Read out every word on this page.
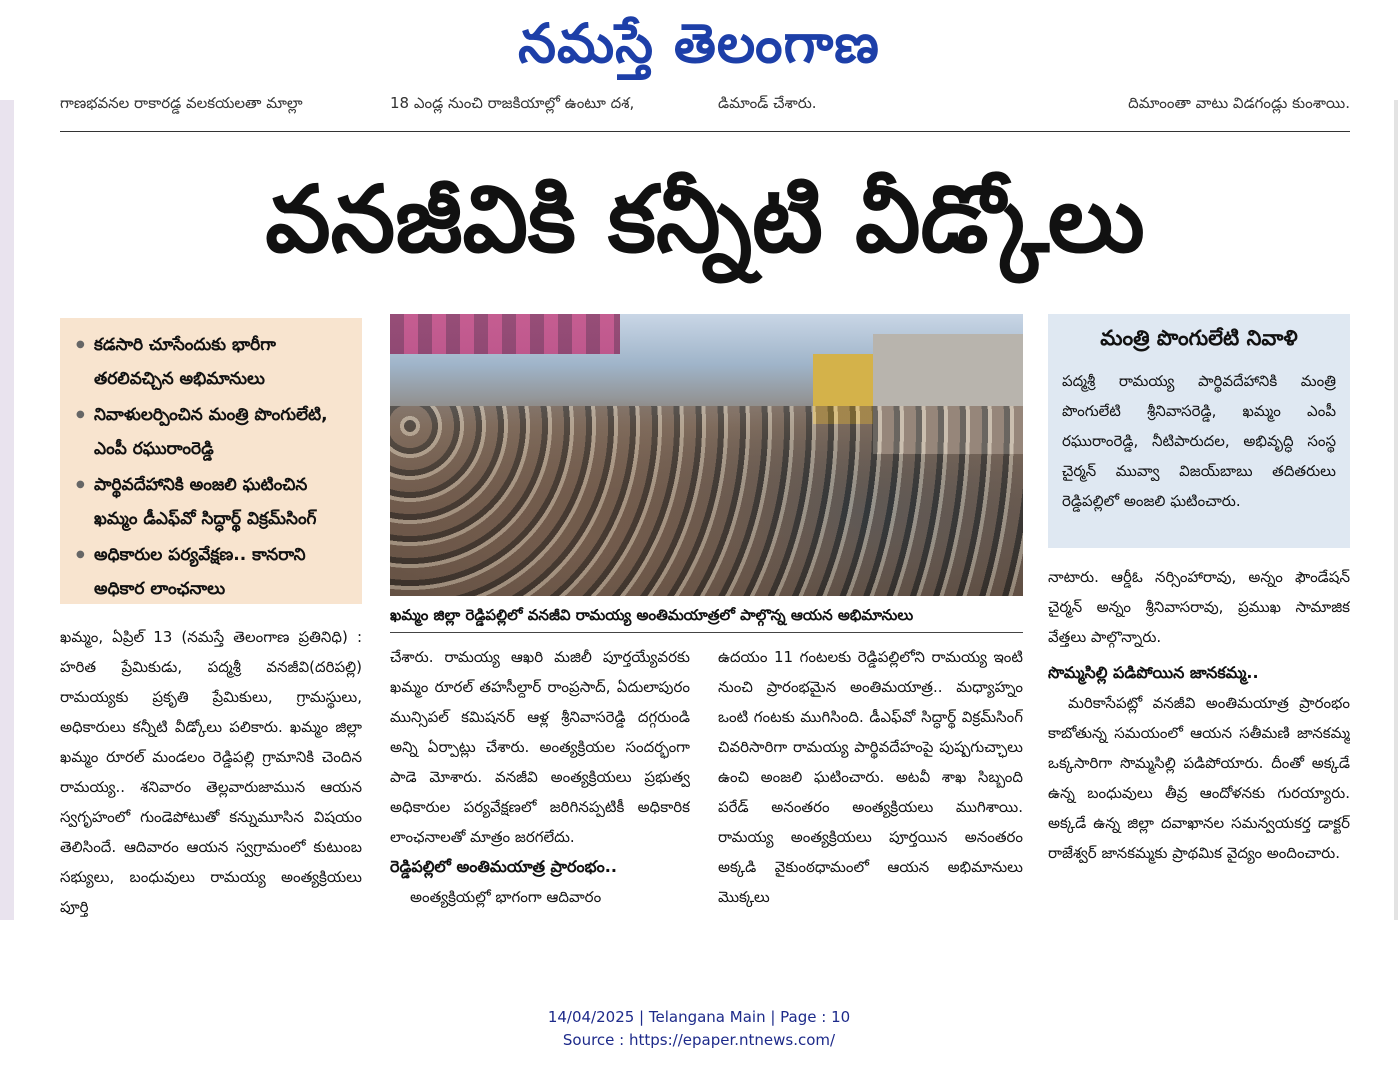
నమస్తే తెలంగాణ
గాణభవనల రాకారడ్డ వలకయలతా మాల్లా	18 ఎండ్ల నుంచి రాజకియాల్లో ఉంటూ దశ,	డిమాండ్ చేశారు.	దిమాంంతా వాటు విడగండ్లు కుంశాయి.
వనజీవికి కన్నీటి వీడ్కోలు
● కడసారి చూసేందుకు భారీగా తరలివచ్చిన అభిమానులు
● నివాళులర్పించిన మంత్రి పొంగులేటి, ఎంపీ రఘురాంరెడ్డి
● పార్థివదేహానికి అంజలి ఘటించిన ఖమ్మం డీఎఫ్‌వో సిద్ధార్థ్ విక్రమ్‌సింగ్
● అధికారుల పర్యవేక్షణ.. కానరాని అధికార లాంఛనాలు
ఖమ్మం జిల్లా రెడ్డిపల్లిలో వనజీవి రామయ్య అంతిమయాత్రలో పాల్గొన్న ఆయన అభిమానులు
మంత్రి పొంగులేటి నివాళి

పద్మశ్రీ రామయ్య పార్థివదేహానికి మంత్రి పొంగులేటి శ్రీనివాసరెడ్డి, ఖమ్మం ఎంపీ రఘురాంరెడ్డి, నీటిపారుదల, అభివృద్ధి సంస్థ చైర్మన్ మువ్వా విజయ్‌బాబు తదితరులు రెడ్డిపల్లిలో అంజలి ఘటించారు.

ఖమ్మం, ఏప్రిల్ 13 (నమస్తే తెలంగాణ ప్రతినిధి) : హరిత ప్రేమికుడు, పద్మశ్రీ వనజీవి(దరిపల్లి) రామయ్యకు ప్రకృతి ప్రేమికులు, గ్రామస్థులు, అధికారులు కన్నీటి వీడ్కోలు పలికారు. ఖమ్మం జిల్లా ఖమ్మం రూరల్ మండలం రెడ్డిపల్లి గ్రామానికి చెందిన రామయ్య.. శనివారం తెల్లవారుజామున ఆయన స్వగృహంలో గుండెపోటుతో కన్నుమూసిన విషయం తెలిసిందే. ఆదివారం ఆయన స్వగ్రామంలో కుటుంబ సభ్యులు, బంధువులు రామయ్య అంత్యక్రియలు పూర్తి

చేశారు. రామయ్య ఆఖరి మజిలీ పూర్తయ్యేవరకు ఖమ్మం రూరల్ తహసీల్దార్ రాంప్రసాద్, ఏదులాపురం మున్సిపల్ కమిషనర్ ఆళ్ల శ్రీనివాసరెడ్డి దగ్గరుండి అన్ని ఏర్పాట్లు చేశారు. అంత్యక్రియల సందర్భంగా పాడె మోశారు. వనజీవి అంత్యక్రియలు ప్రభుత్వ అధికారుల పర్యవేక్షణలో జరిగినప్పటికీ అధికారిక లాంఛనాలతో మాత్రం జరగలేదు.

రెడ్డిపల్లిలో అంతిమయాత్ర ప్రారంభం..

అంత్యక్రియల్లో భాగంగా ఆదివారం

ఉదయం 11 గంటలకు రెడ్డిపల్లిలోని రామయ్య ఇంటి నుంచి ప్రారంభమైన అంతిమయాత్ర.. మధ్యాహ్నం ఒంటి గంటకు ముగిసింది. డీఎఫ్‌వో సిద్ధార్థ్ విక్రమ్‌సింగ్ చివరిసారిగా రామయ్య పార్థివదేహంపై పుష్పగుచ్ఛాలు ఉంచి అంజలి ఘటించారు. అటవీ శాఖ సిబ్బంది పరేడ్ అనంతరం అంత్యక్రియలు ముగిశాయి. రామయ్య అంత్యక్రియలు పూర్తయిన అనంతరం అక్కడి వైకుంఠధామంలో ఆయన అభిమానులు మొక్కలు

నాటారు. ఆర్డీఓ నర్సింహారావు, అన్నం ఫౌండేషన్ చైర్మన్ అన్నం శ్రీనివాసరావు, ప్రముఖ సామాజిక వేత్తలు పాల్గొన్నారు.

సొమ్మసిల్లి పడిపోయిన జానకమ్మ..

మరికాసేపట్లో వనజీవి అంతిమయాత్ర ప్రారంభం కాబోతున్న సమయంలో ఆయన సతీమణి జానకమ్మ ఒక్కసారిగా సొమ్మసిల్లి పడిపోయారు. దీంతో అక్కడే ఉన్న బంధువులు తీవ్ర ఆందోళనకు గురయ్యారు. అక్కడే ఉన్న జిల్లా దవాఖానల సమన్వయకర్త డాక్టర్ రాజేశ్వర్ జానకమ్మకు ప్రాథమిక వైద్యం అందించారు.

14/04/2025 | Telangana Main | Page : 10
Source : https://epaper.ntnews.com/
